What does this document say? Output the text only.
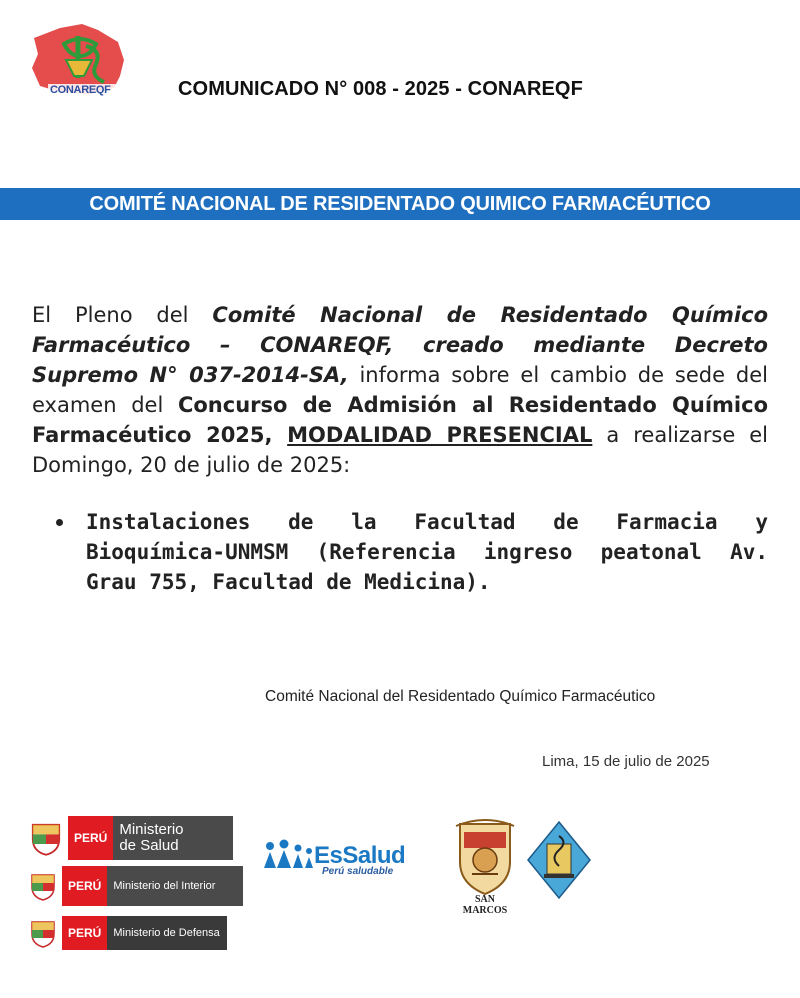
CONAREQF	COMUNICADO N° 008 - 2025 - CONAREQF
COMITÉ NACIONAL DE RESIDENTADO QUIMICO FARMACÉUTICO
El Pleno del Comité Nacional de Residentado Químico Farmacéutico – CONAREQF, creado mediante Decreto Supremo N° 037-2014-SA, informa sobre el cambio de sede del examen del Concurso de Admisión al Residentado Químico Farmacéutico 2025, MODALIDAD PRESENCIAL a realizarse el Domingo, 20 de julio de 2025:
Instalaciones de la Facultad de Farmacia y Bioquímica-UNMSM (Referencia ingreso peatonal Av. Grau 755, Facultad de Medicina).
Comité Nacional del Residentado Químico Farmacéutico
Lima, 15 de julio de 2025
PERÚ Ministerio
de Salud
PERÚ	Ministerio del Interior
PERÚ	Ministerio de Defensa
EsSalud
Perú saludable
SAN MARCOS
